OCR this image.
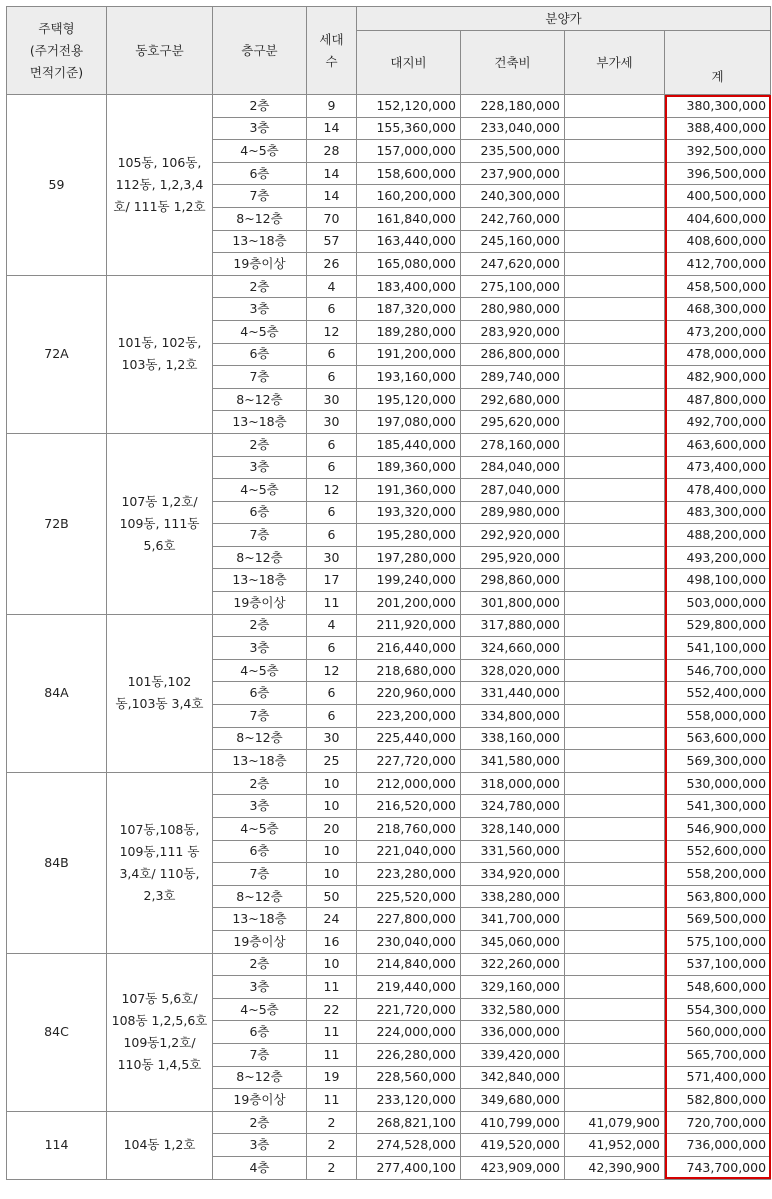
주택형
(주거전용
면적기준)	동호구분	층구분	세대
수	분양가			
				대지비	건축비	부가세	계
59	105동, 106동, 112동, 1,2,3,4호/ 111동 1,2호	2층	9	152,120,000	228,180,000		380,300,000
		3층	14	155,360,000	233,040,000		388,400,000
		4~5층	28	157,000,000	235,500,000		392,500,000
		6층	14	158,600,000	237,900,000		396,500,000
		7층	14	160,200,000	240,300,000		400,500,000
		8~12층	70	161,840,000	242,760,000		404,600,000
		13~18층	57	163,440,000	245,160,000		408,600,000
		19층이상	26	165,080,000	247,620,000		412,700,000
72A	101동, 102동, 103동, 1,2호	2층	4	183,400,000	275,100,000		458,500,000
		3층	6	187,320,000	280,980,000		468,300,000
		4~5층	12	189,280,000	283,920,000		473,200,000
		6층	6	191,200,000	286,800,000		478,000,000
		7층	6	193,160,000	289,740,000		482,900,000
		8~12층	30	195,120,000	292,680,000		487,800,000
		13~18층	30	197,080,000	295,620,000		492,700,000
72B	107동 1,2호/ 109동, 111동 5,6호	2층	6	185,440,000	278,160,000		463,600,000
		3층	6	189,360,000	284,040,000		473,400,000
		4~5층	12	191,360,000	287,040,000		478,400,000
		6층	6	193,320,000	289,980,000		483,300,000
		7층	6	195,280,000	292,920,000		488,200,000
		8~12층	30	197,280,000	295,920,000		493,200,000
		13~18층	17	199,240,000	298,860,000		498,100,000
		19층이상	11	201,200,000	301,800,000		503,000,000
84A	101동,102 동,103동 3,4호	2층	4	211,920,000	317,880,000		529,800,000
		3층	6	216,440,000	324,660,000		541,100,000
		4~5층	12	218,680,000	328,020,000		546,700,000
		6층	6	220,960,000	331,440,000		552,400,000
		7층	6	223,200,000	334,800,000		558,000,000
		8~12층	30	225,440,000	338,160,000		563,600,000
		13~18층	25	227,720,000	341,580,000		569,300,000
84B	107동,108동, 109동,111 동 3,4호/ 110동, 2,3호	2층	10	212,000,000	318,000,000		530,000,000
		3층	10	216,520,000	324,780,000		541,300,000
		4~5층	20	218,760,000	328,140,000		546,900,000
		6층	10	221,040,000	331,560,000		552,600,000
		7층	10	223,280,000	334,920,000		558,200,000
		8~12층	50	225,520,000	338,280,000		563,800,000
		13~18층	24	227,800,000	341,700,000		569,500,000
		19층이상	16	230,040,000	345,060,000		575,100,000
84C	107동 5,6호/ 108동 1,2,5,6호 109동1,2호/ 110동 1,4,5호	2층	10	214,840,000	322,260,000		537,100,000
		3층	11	219,440,000	329,160,000		548,600,000
		4~5층	22	221,720,000	332,580,000		554,300,000
		6층	11	224,000,000	336,000,000		560,000,000
		7층	11	226,280,000	339,420,000		565,700,000
		8~12층	19	228,560,000	342,840,000		571,400,000
		19층이상	11	233,120,000	349,680,000		582,800,000
114	104동 1,2호	2층	2	268,821,100	410,799,000	41,079,900	720,700,000
		3층	2	274,528,000	419,520,000	41,952,000	736,000,000
		4층	2	277,400,100	423,909,000	42,390,900	743,700,000
